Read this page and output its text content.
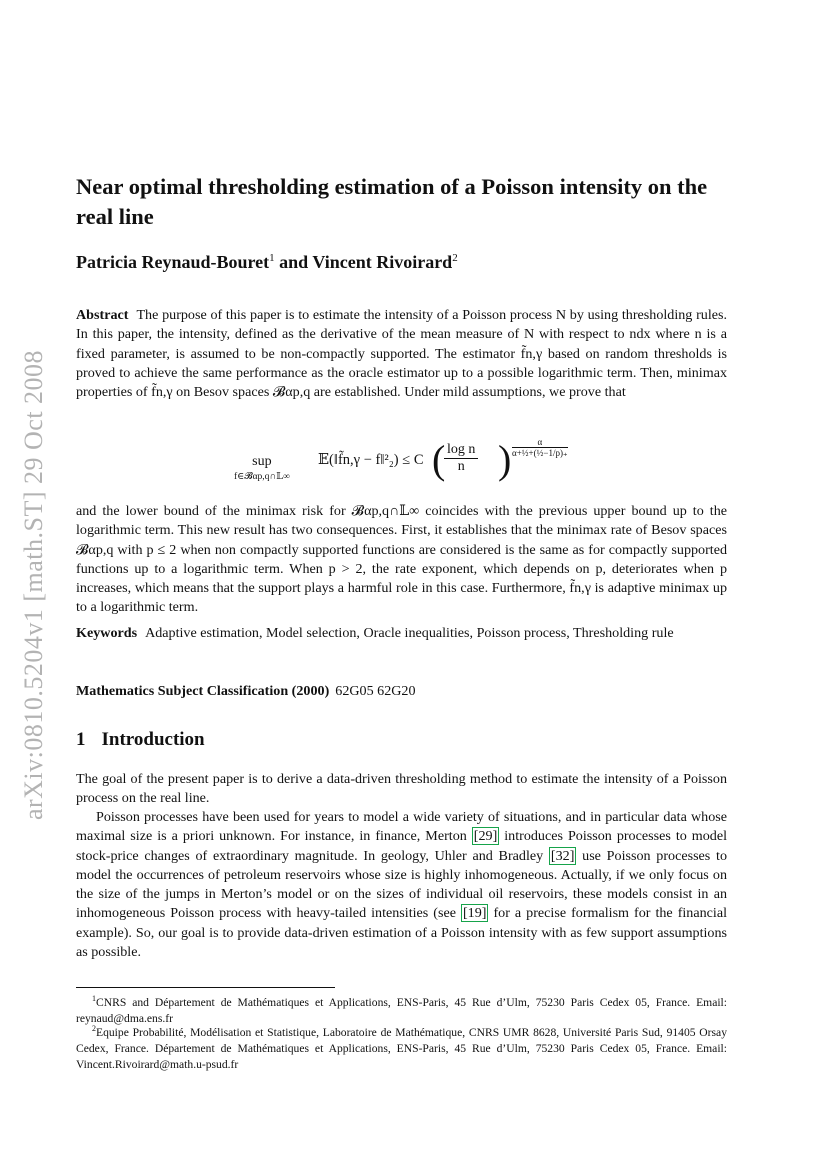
arXiv:0810.5204v1 [math.ST] 29 Oct 2008
Near optimal thresholding estimation of a Poisson intensity on the real line

Patricia Reynaud-Bouret$^1$ and Vincent Rivoirard$^2$

Abstract The purpose of this paper is to estimate the intensity of a Poisson process N by using thresholding rules. In this paper, the intensity, defined as the derivative of the mean measure of N with respect to ndx where n is a fixed parameter, is assumed to be non-compactly supported. The estimator f̃n,γ based on random thresholds is proved to achieve the same performance as the oracle estimator up to a possible logarithmic term. Then, minimax properties of f̃n,γ on Besov spaces 𝓑αp,q are established. Under mild assumptions, we prove that

sup
f∈𝓑αp,q∩𝕃∞
𝔼(‖f̃n,γ − f‖²₂) ≤ C (
$\frac{\text{log n}}{n}$ ) $\frac{\alpha}{\text{α+½+(½−1/p)₊}}$

and the lower bound of the minimax risk for 𝓑αp,q∩𝕃∞ coincides with the previous upper bound up to the logarithmic term. This new result has two consequences. First, it establishes that the minimax rate of Besov spaces 𝓑αp,q with p ≤ 2 when non compactly supported functions are considered is the same as for compactly supported functions up to a logarithmic term. When p > 2, the rate exponent, which depends on p, deteriorates when p increases, which means that the support plays a harmful role in this case. Furthermore, f̃n,γ is adaptive minimax up to a logarithmic term.

Keywords Adaptive estimation, Model selection, Oracle inequalities, Poisson process, Thresholding rule

Mathematics Subject Classification (2000) 62G05 62G20

1 Introduction

The goal of the present paper is to derive a data-driven thresholding method to estimate the intensity of a Poisson process on the real line.

Poisson processes have been used for years to model a wide variety of situations, and in particular data whose maximal size is a priori unknown. For instance, in finance, Merton [29] introduces Poisson processes to model stock-price changes of extraordinary magnitude. In geology, Uhler and Bradley [32] use Poisson processes to model the occurrences of petroleum reservoirs whose size is highly inhomogeneous. Actually, if we only focus on the size of the jumps in Merton’s model or on the sizes of individual oil reservoirs, these models consist in an inhomogeneous Poisson process with heavy-tailed intensities (see [19] for a precise formalism for the financial example). So, our goal is to provide data-driven estimation of a Poisson intensity with as few support assumptions as possible.

$^1$CNRS and Département de Mathématiques et Applications, ENS-Paris, 45 Rue d’Ulm, 75230 Paris Cedex 05, France. Email: reynaud@dma.ens.fr

$^2$Equipe Probabilité, Modélisation et Statistique, Laboratoire de Mathématique, CNRS UMR 8628, Université Paris Sud, 91405 Orsay Cedex, France. Département de Mathématiques et Applications, ENS-Paris, 45 Rue d’Ulm, 75230 Paris Cedex 05, France. Email: Vincent.Rivoirard@math.u-psud.fr
